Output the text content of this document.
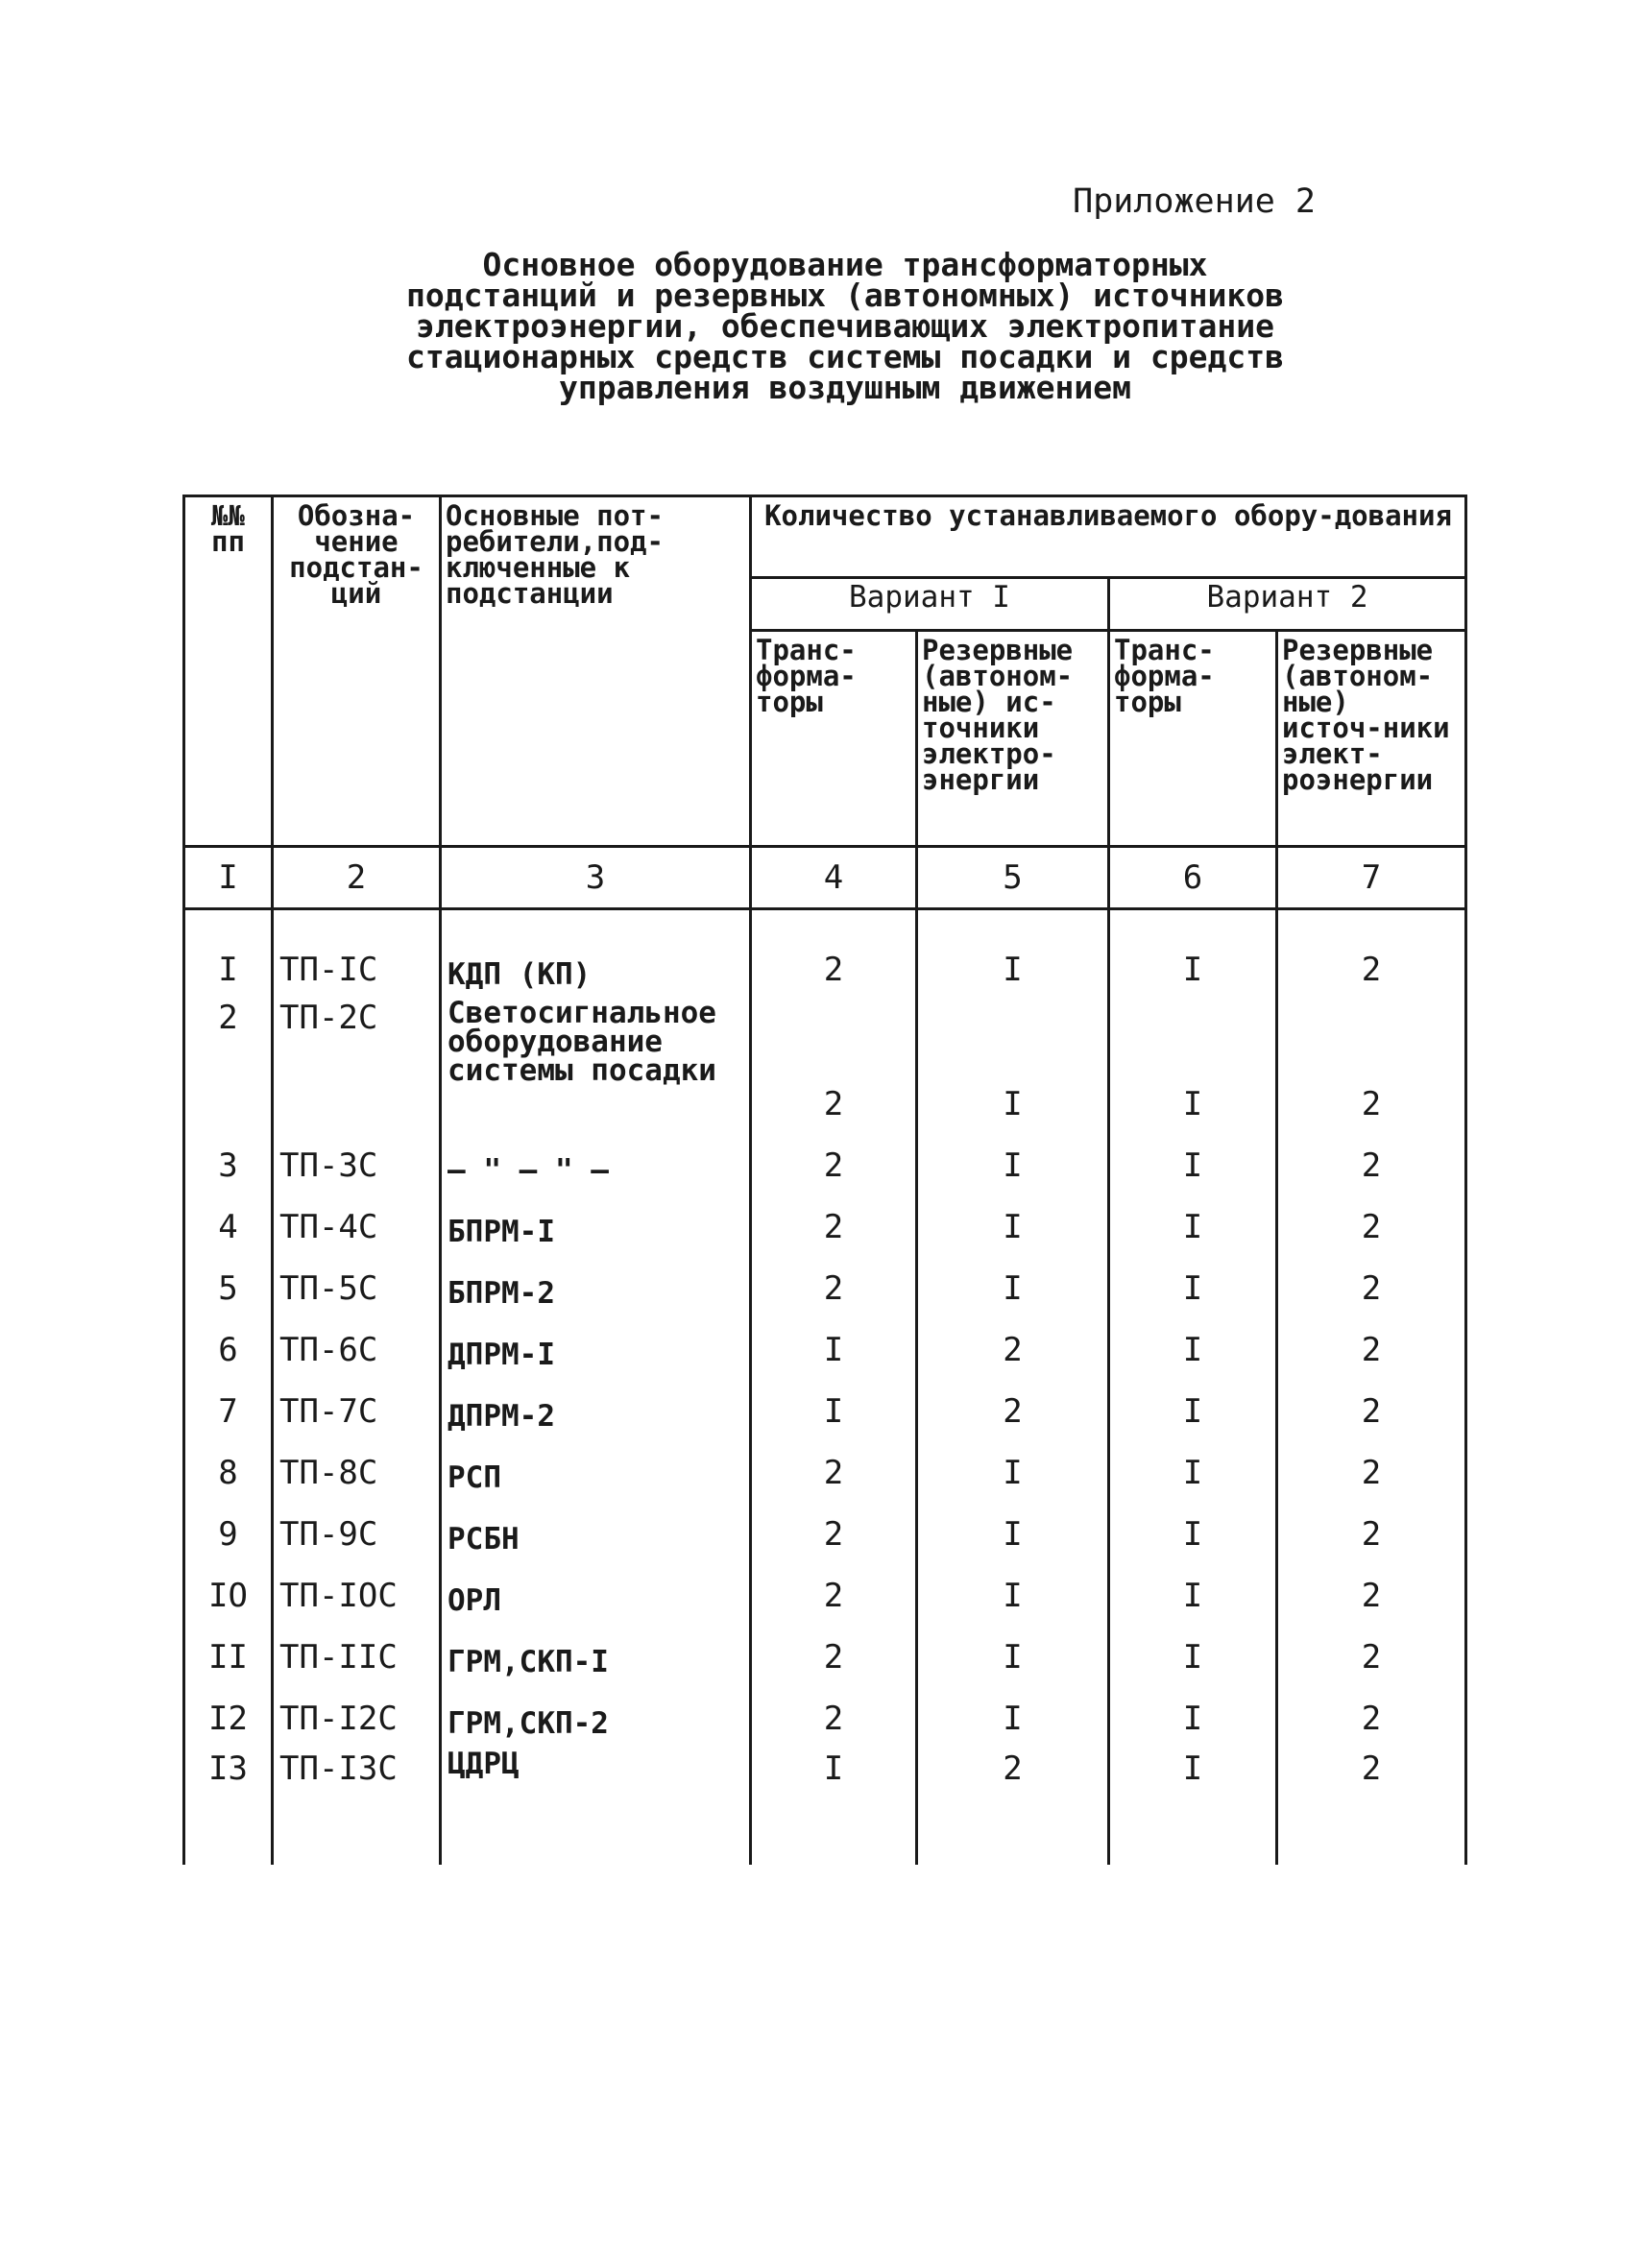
Приложение 2
Основное оборудование трансформаторных
подстанций и резервных (автономных) источников
электроэнергии, обеспечивающих электропитание
стационарных средств системы посадки и средств
управления воздушным движением
№№ пп	Обозна-чение подстан-ций	Основные пот-ребители,под-ключенные к подстанции	Количество устанавливаемого обору-дования			
			Вариант I		Вариант 2	
			Транс-форма-торы	Резервные (автоном-ные) ис-точники электро-энергии	Транс-форма-торы	Резервные (автоном-ные) источ-ники элект-роэнергии
I	2	3	4	5	6	7
I	ТП-IC	КДП (КП)	2	I	I	2
2	ТП-2С	Светосигнальное оборудование системы посадки	2	I	I	2
3	ТП-3С	– " – " –	2	I	I	2
4	ТП-4С	БПРМ-I	2	I	I	2
5	ТП-5С	БПРМ-2	2	I	I	2
6	ТП-6С	ДПРМ-I	I	2	I	2
7	ТП-7С	ДПРМ-2	I	2	I	2
8	ТП-8С	РСП	2	I	I	2
9	ТП-9С	РСБН	2	I	I	2
IO	ТП-IOC	ОРЛ	2	I	I	2
II	ТП-IIC	ГРМ,СКП-I	2	I	I	2
I2	ТП-I2C	ГРМ,СКП-2	2	I	I	2
I3	ТП-I3C	ЦДРЦ	I	2	I	2
